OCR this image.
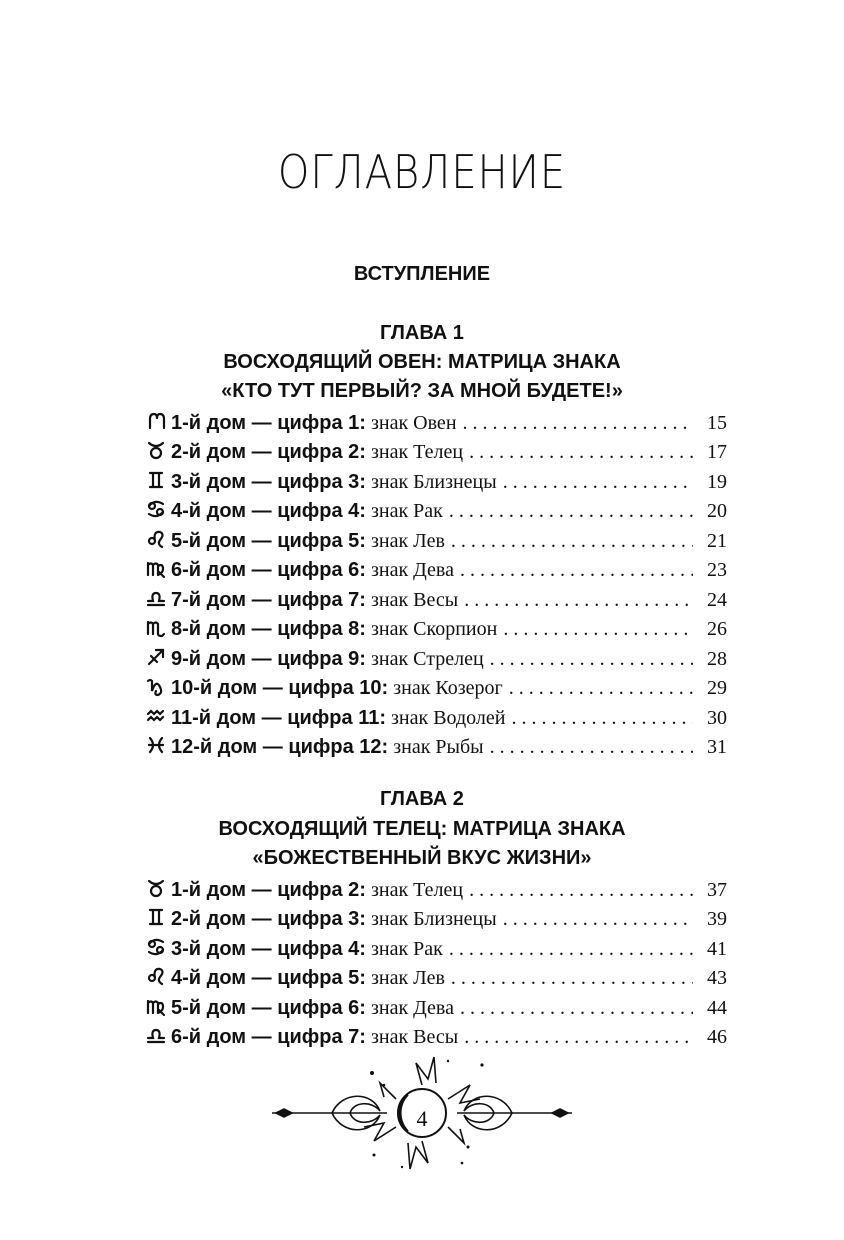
ОГЛАВЛЕНИЕ
ВСТУПЛЕНИЕ
ГЛАВА 1
ВОСХОДЯЩИЙ ОВЕН: МАТРИЦА ЗНАКА
«КТО ТУТ ПЕРВЫЙ? ЗА МНОЙ БУДЕТЕ!»
1-й дом — цифра 1: знак Овен . . .	15
2-й дом — цифра 2: знак Телец . . .	17
3-й дом — цифра 3: знак Близнецы . . .	19
4-й дом — цифра 4: знак Рак . . .	20
5-й дом — цифра 5: знак Лев . . .	21
6-й дом — цифра 6: знак Дева . . .	23
7-й дом — цифра 7: знак Весы . . .	24
8-й дом — цифра 8: знак Скорпион . . .	26
9-й дом — цифра 9: знак Стрелец . . .	28
10-й дом — цифра 10: знак Козерог . . .	29
11-й дом — цифра 11: знак Водолей . . .	30
12-й дом — цифра 12: знак Рыбы . . .	31
ГЛАВА 2
ВОСХОДЯЩИЙ ТЕЛЕЦ: МАТРИЦА ЗНАКА
«БОЖЕСТВЕННЫЙ ВКУС ЖИЗНИ»
1-й дом — цифра 2: знак Телец . . .	37
2-й дом — цифра 3: знак Близнецы . . .	39
3-й дом — цифра 4: знак Рак . . .	41
4-й дом — цифра 5: знак Лев . . .	43
5-й дом — цифра 6: знак Дева . . .	44
6-й дом — цифра 7: знак Весы . . .	46
4
